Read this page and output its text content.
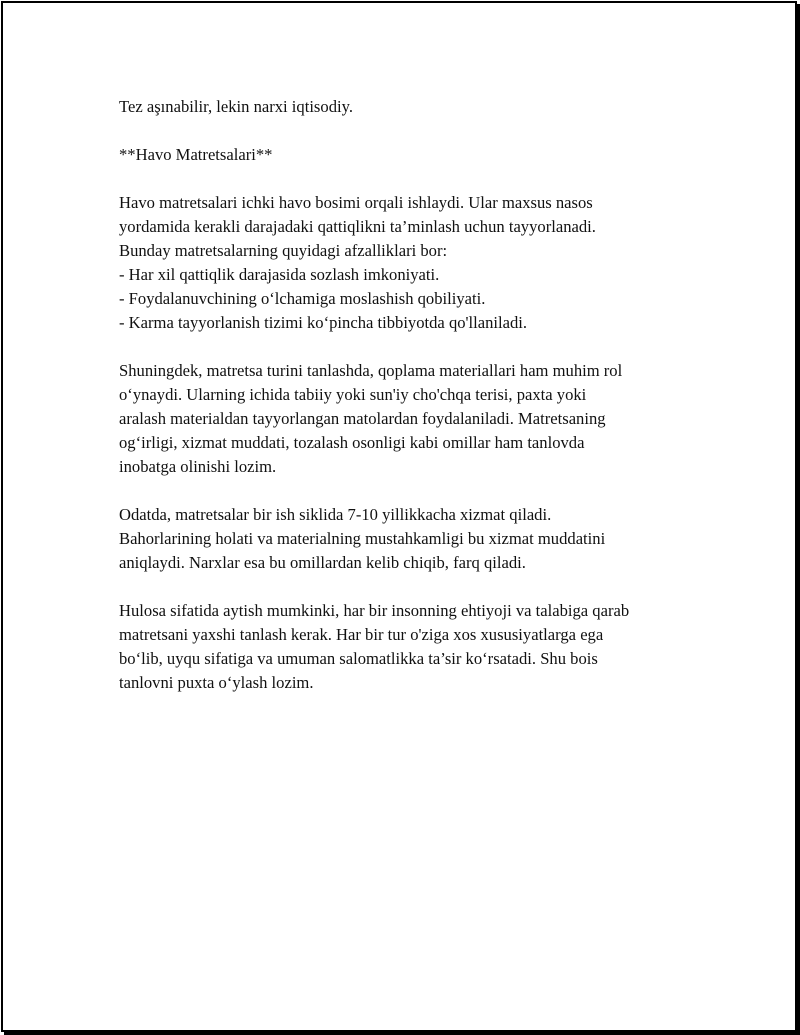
Tez aşınabilir, lekin narxi iqtisodiy.
**Havo Matretsalari**
Havo matretsalari ichki havo bosimi orqali ishlaydi. Ular maxsus nasos
yordamida kerakli darajadaki qattiqlikni ta’minlash uchun tayyorlanadi.
Bunday matretsalarning quyidagi afzalliklari bor:
- Har xil qattiqlik darajasida sozlash imkoniyati.
- Foydalanuvchining o‘lchamiga moslashish qobiliyati.
- Karma tayyorlanish tizimi ko‘pincha tibbiyotda qo'llaniladi.
Shuningdek, matretsa turini tanlashda, qoplama materiallari ham muhim rol
o‘ynaydi. Ularning ichida tabiiy yoki sun'iy cho'chqa terisi, paxta yoki
aralash materialdan tayyorlangan matolardan foydalaniladi. Matretsaning
og‘irligi, xizmat muddati, tozalash osonligi kabi omillar ham tanlovda
inobatga olinishi lozim.
Odatda, matretsalar bir ish siklida 7-10 yillikkacha xizmat qiladi.
Bahorlarining holati va materialning mustahkamligi bu xizmat muddatini
aniqlaydi. Narxlar esa bu omillardan kelib chiqib, farq qiladi.
Hulosa sifatida aytish mumkinki, har bir insonning ehtiyoji va talabiga qarab
matretsani yaxshi tanlash kerak. Har bir tur o'ziga xos xususiyatlarga ega
bo‘lib, uyqu sifatiga va umuman salomatlikka ta’sir ko‘rsatadi. Shu bois
tanlovni puxta o‘ylash lozim.
